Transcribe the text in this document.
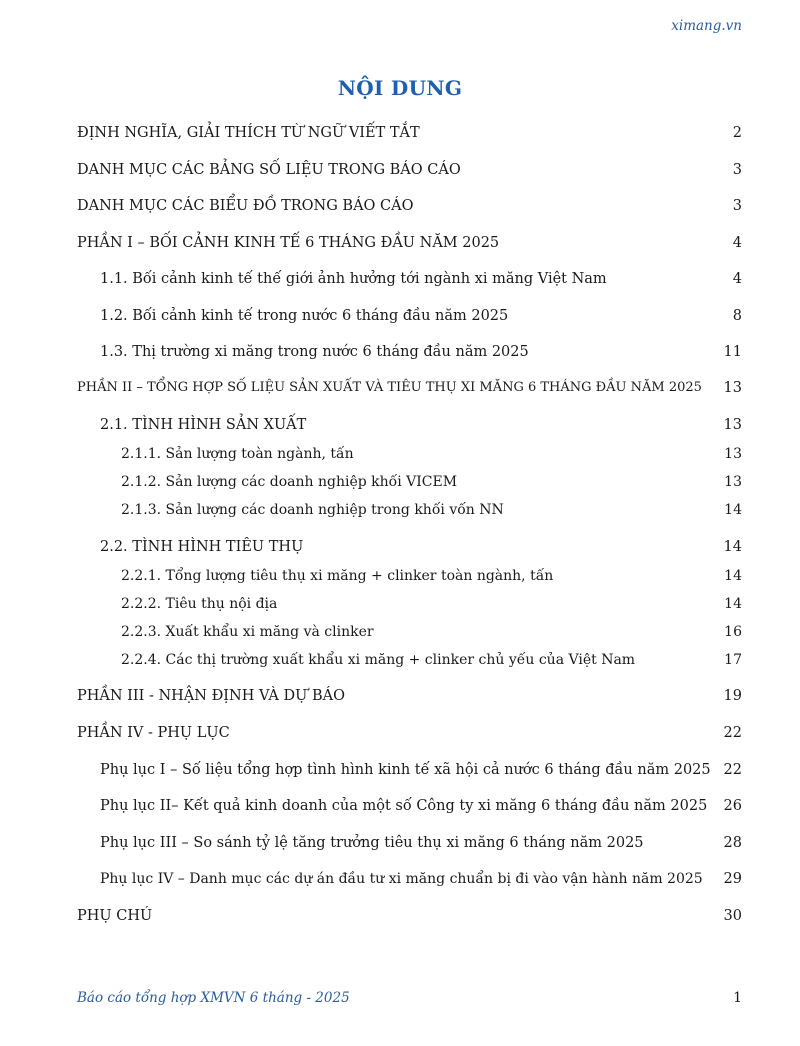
ximang.vn
NỘI DUNG
ĐỊNH NGHĨA, GIẢI THÍCH TỪ NGỮ VIẾT TẮT	2
DANH MỤC CÁC BẢNG SỐ LIỆU TRONG BÁO CÁO	3
DANH MỤC CÁC BIỂU ĐỒ TRONG BÁO CÁO	3
PHẦN I – BỐI CẢNH KINH TẾ 6 THÁNG ĐẦU NĂM 2025	4
1.1. Bối cảnh kinh tế thế giới ảnh hưởng tới ngành xi măng Việt Nam	4
1.2. Bối cảnh kinh tế trong nước 6 tháng đầu năm 2025	8
1.3. Thị trường xi măng trong nước 6 tháng đầu năm 2025	11
PHẦN II – TỔNG HỢP SỐ LIỆU SẢN XUẤT VÀ TIÊU THỤ XI MĂNG 6 THÁNG ĐẦU NĂM 2025 13
2.1. TÌNH HÌNH SẢN XUẤT	13
2.1.1. Sản lượng toàn ngành, tấn	13
2.1.2. Sản lượng các doanh nghiệp khối VICEM	13
2.1.3. Sản lượng các doanh nghiệp trong khối vốn NN	14
2.2. TÌNH HÌNH TIÊU THỤ	14
2.2.1. Tổng lượng tiêu thụ xi măng + clinker toàn ngành, tấn	14
2.2.2. Tiêu thụ nội địa	14
2.2.3. Xuất khẩu xi măng và clinker	16
2.2.4. Các thị trường xuất khẩu xi măng + clinker chủ yếu của Việt Nam	17
PHẦN III - NHẬN ĐỊNH VÀ DỰ BÁO	19
PHẦN IV - PHỤ LỤC	22
Phụ lục I – Số liệu tổng hợp tình hình kinh tế xã hội cả nước 6 tháng đầu năm 2025 22
Phụ lục II– Kết quả kinh doanh của một số Công ty xi măng 6 tháng đầu năm 2025 26
Phụ lục III – So sánh tỷ lệ tăng trưởng tiêu thụ xi măng 6 tháng năm 2025	28
Phụ lục IV – Danh mục các dự án đầu tư xi măng chuẩn bị đi vào vận hành năm 2025 29
PHỤ CHÚ	30
Báo cáo tổng hợp XMVN 6 tháng - 2025	1
